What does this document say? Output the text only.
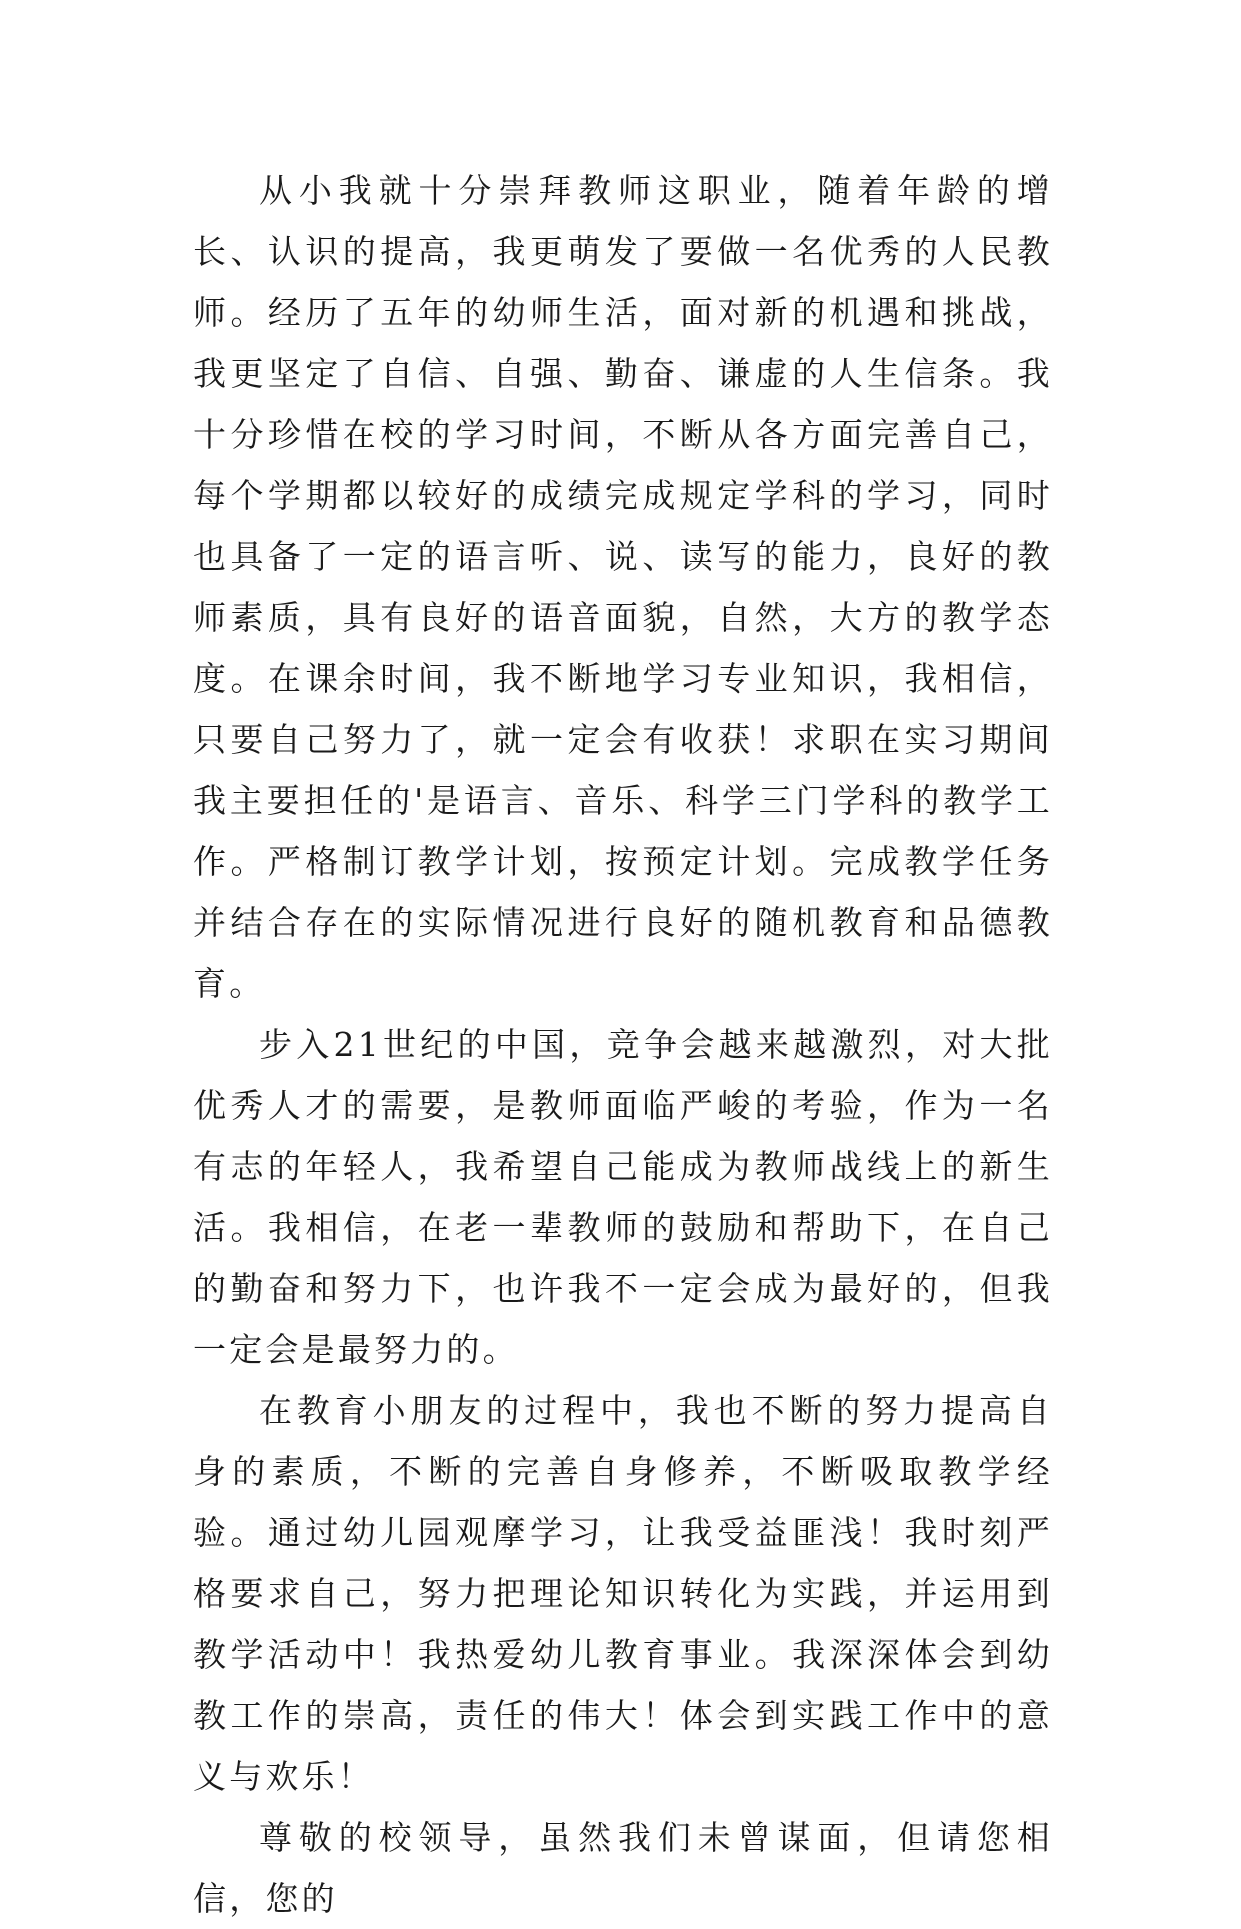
从小我就十分崇拜教师这职业，随着年龄的增长、认识的提高，我更萌发了要做一名优秀的人民教师。经历了五年的幼师生活，面对新的机遇和挑战，我更坚定了自信、自强、勤奋、谦虚的人生信条。我十分珍惜在校的学习时间，不断从各方面完善自己，每个学期都以较好的成绩完成规定学科的学习，同时也具备了一定的语言听、说、读写的能力，良好的教师素质，具有良好的语音面貌，自然，大方的教学态度。在课余时间，我不断地学习专业知识，我相信，只要自己努力了，就一定会有收获！求职在实习期间我主要担任的'是语言、音乐、科学三门学科的教学工作。严格制订教学计划，按预定计划。完成教学任务并结合存在的实际情况进行良好的随机教育和品德教育。

步入21世纪的中国，竞争会越来越激烈，对大批优秀人才的需要，是教师面临严峻的考验，作为一名有志的年轻人，我希望自己能成为教师战线上的新生活。我相信，在老一辈教师的鼓励和帮助下，在自己的勤奋和努力下，也许我不一定会成为最好的，但我一定会是最努力的。

在教育小朋友的过程中，我也不断的努力提高自身的素质，不断的完善自身修养，不断吸取教学经验。通过幼儿园观摩学习，让我受益匪浅！我时刻严格要求自己，努力把理论知识转化为实践，并运用到教学活动中！我热爱幼儿教育事业。我深深体会到幼教工作的崇高，责任的伟大！体会到实践工作中的意义与欢乐！

尊敬的校领导，虽然我们未曾谋面，但请您相信，您的
